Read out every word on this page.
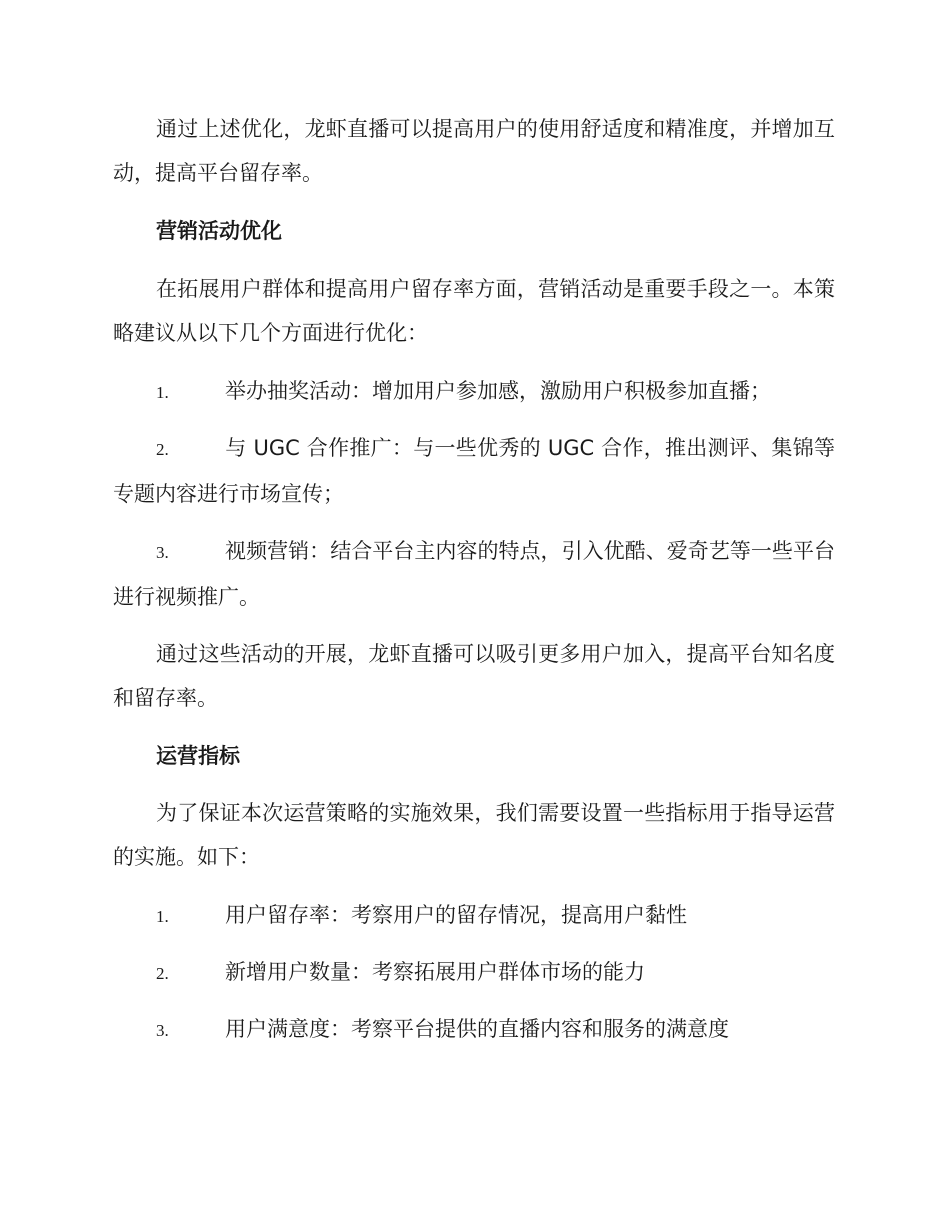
通过上述优化，龙虾直播可以提高用户的使用舒适度和精准度，并增加互动，提高平台留存率。

营销活动优化

在拓展用户群体和提高用户留存率方面，营销活动是重要手段之一。本策略建议从以下几个方面进行优化：

1.	举办抽奖活动：增加用户参加感，激励用户积极参加直播；
2.	与 UGC 合作推广：与一些优秀的 UGC 合作，推出测评、集锦等专题内容进行市场宣传；
3.	视频营销：结合平台主内容的特点，引入优酷、爱奇艺等一些平台进行视频推广。

通过这些活动的开展，龙虾直播可以吸引更多用户加入，提高平台知名度和留存率。

运营指标

为了保证本次运营策略的实施效果，我们需要设置一些指标用于指导运营的实施。如下：

1.	用户留存率：考察用户的留存情况，提高用户黏性
2.	新增用户数量：考察拓展用户群体市场的能力
3.	用户满意度：考察平台提供的直播内容和服务的满意度
